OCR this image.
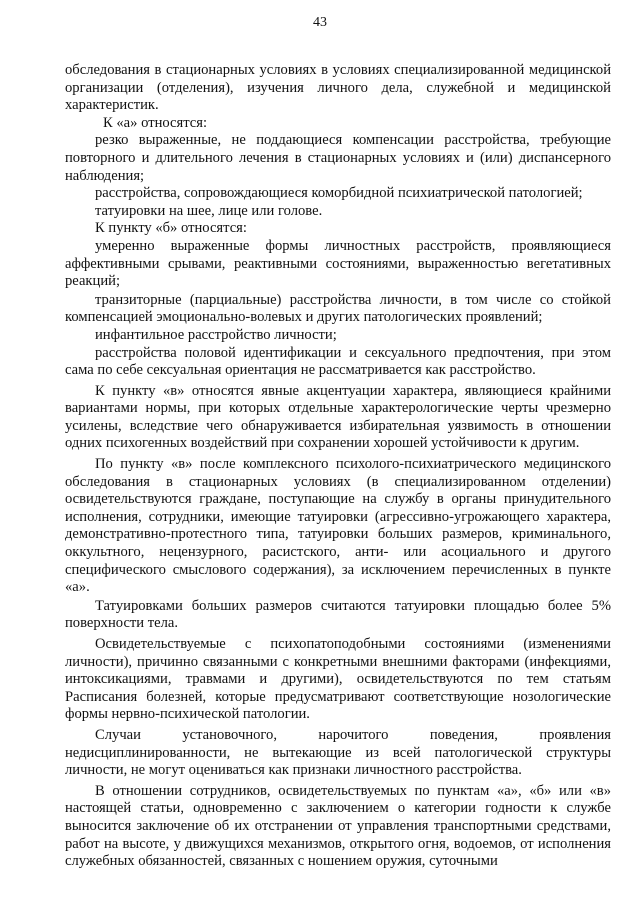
43

обследования в стационарных условиях в условиях специализированной медицинской организации (отделения), изучения личного дела, служебной и медицинской характеристик.

К «а» относятся:

резко выраженные, не поддающиеся компенсации расстройства, требующие повторного и длительного лечения в стационарных условиях и (или) диспансерного наблюдения;

расстройства, сопровождающиеся коморбидной психиатрической патологией;

татуировки на шее, лице или голове.

К пункту «б» относятся:

умеренно выраженные формы личностных расстройств, проявляющиеся аффективными срывами, реактивными состояниями, выраженностью вегетативных реакций;

транзиторные (парциальные) расстройства личности, в том числе со стойкой компенсацией эмоционально-волевых и других патологических проявлений;

инфантильное расстройство личности;

расстройства половой идентификации и сексуального предпочтения, при этом сама по себе сексуальная ориентация не рассматривается как расстройство.

К пункту «в» относятся явные акцентуации характера, являющиеся крайними вариантами нормы, при которых отдельные характерологические черты чрезмерно усилены, вследствие чего обнаруживается избирательная уязвимость в отношении одних психогенных воздействий при сохранении хорошей устойчивости к другим.

По пункту «в» после комплексного психолого-психиатрического медицинского обследования в стационарных условиях (в специализированном отделении) освидетельствуются граждане, поступающие на службу в органы принудительного исполнения, сотрудники, имеющие татуировки (агрессивно-угрожающего характера, демонстративно-протестного типа, татуировки больших размеров, криминального, оккультного, нецензурного, расистского, анти- или асоциального и другого специфического смыслового содержания), за исключением перечисленных в пункте «а».

Татуировками больших размеров считаются татуировки площадью более 5% поверхности тела.

Освидетельствуемые с психопатоподобными состояниями (изменениями личности), причинно связанными с конкретными внешними факторами (инфекциями, интоксикациями, травмами и другими), освидетельствуются по тем статьям Расписания болезней, которые предусматривают соответствующие нозологические формы нервно-психической патологии.

Случаи установочного, нарочитого поведения, проявления недисциплинированности, не вытекающие из всей патологической структуры личности, не могут оцениваться как признаки личностного расстройства.

В отношении сотрудников, освидетельствуемых по пунктам «а», «б» или «в» настоящей статьи, одновременно с заключением о категории годности к службе выносится заключение об их отстранении от управления транспортными средствами, работ на высоте, у движущихся механизмов, открытого огня, водоемов, от исполнения служебных обязанностей, связанных с ношением оружия, суточными
